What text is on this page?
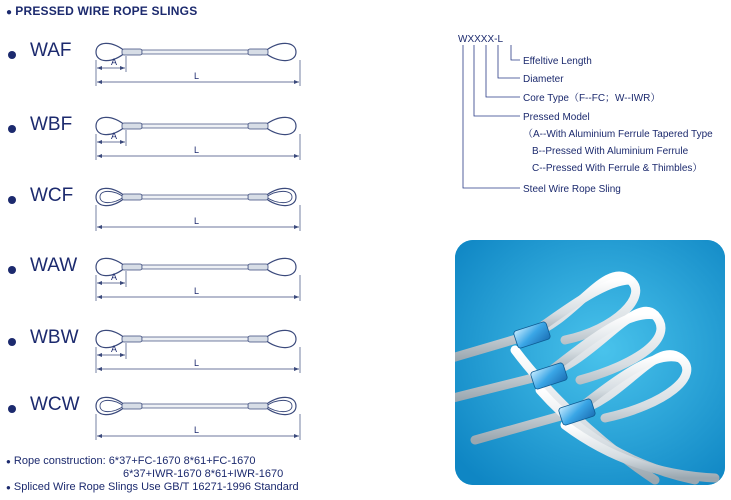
● PRESSED WIRE ROPE SLINGS
WAF
L
A
WBF
L
A
WCF
L
WAW
L
A
WBW
L
A
WCW
L
WXXXX-L
Effeltive Length
Diameter
Core Type（F--FC；W--IWR）
Pressed Model
（A--With Aluminium Ferrule Tapered Type
B--Pressed With Aluminium Ferrule
C--Pressed With Ferrule & Thimbles）
Steel Wire Rope Sling
● Rope construction: 6*37+FC-1670 8*61+FC-1670
6*37+IWR-1670 8*61+IWR-1670
● Spliced Wire Rope Slings Use GB/T 16271-1996 Standard
